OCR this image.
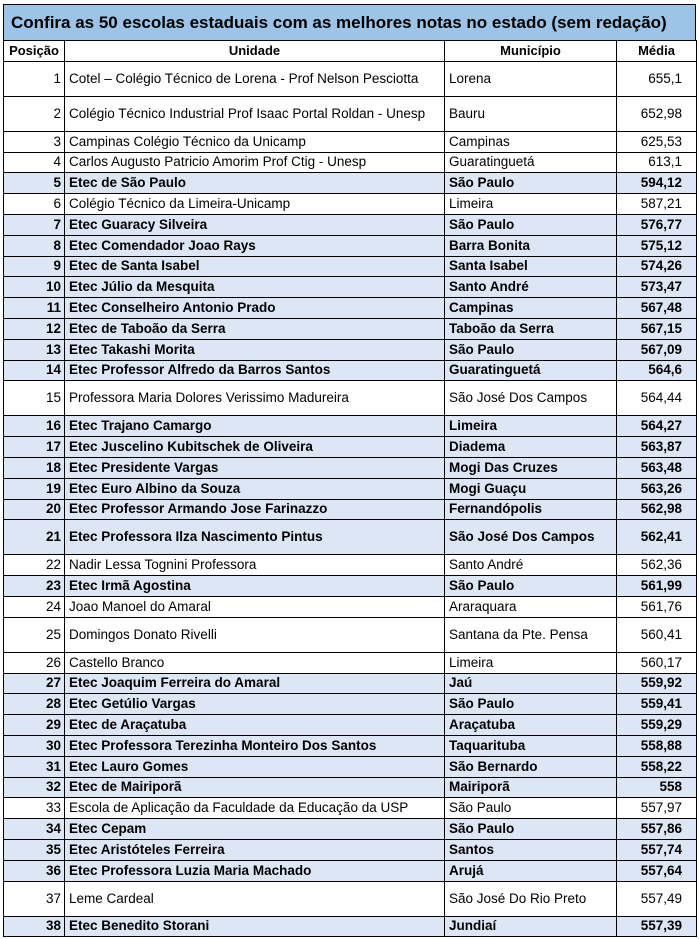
Confira as 50 escolas estaduais com as melhores notas no estado (sem redação)
Posição	Unidade	Município	Média
1	Cotel – Colégio Técnico de Lorena - Prof Nelson Pesciotta	Lorena	655,1
2	Colégio Técnico Industrial Prof Isaac Portal Roldan - Unesp	Bauru	652,98
3	Campinas Colégio Técnico da Unicamp	Campinas	625,53
4	Carlos Augusto Patricio Amorim Prof Ctig - Unesp	Guaratinguetá	613,1
5	Etec de São Paulo	São Paulo	594,12
6	Colégio Técnico da Limeira-Unicamp	Limeira	587,21
7	Etec Guaracy Silveira	São Paulo	576,77
8	Etec Comendador Joao Rays	Barra Bonita	575,12
9	Etec de Santa Isabel	Santa Isabel	574,26
10	Etec Júlio da Mesquita	Santo André	573,47
11	Etec Conselheiro Antonio Prado	Campinas	567,48
12	Etec de Taboão da Serra	Taboão da Serra	567,15
13	Etec Takashi Morita	São Paulo	567,09
14	Etec Professor Alfredo da Barros Santos	Guaratinguetá	564,6
15	Professora Maria Dolores Verissimo Madureira	São José Dos Campos	564,44
16	Etec Trajano Camargo	Limeira	564,27
17	Etec Juscelino Kubitschek de Oliveira	Diadema	563,87
18	Etec Presidente Vargas	Mogi Das Cruzes	563,48
19	Etec Euro Albino da Souza	Mogi Guaçu	563,26
20	Etec Professor Armando Jose Farinazzo	Fernandópolis	562,98
21	Etec Professora Ilza Nascimento Pintus	São José Dos Campos	562,41
22	Nadir Lessa Tognini Professora	Santo André	562,36
23	Etec Irmã Agostina	São Paulo	561,99
24	Joao Manoel do Amaral	Araraquara	561,76
25	Domingos Donato Rivelli	Santana da Pte. Pensa	560,41
26	Castello Branco	Limeira	560,17
27	Etec Joaquim Ferreira do Amaral	Jaú	559,92
28	Etec Getúlio Vargas	São Paulo	559,41
29	Etec de Araçatuba	Araçatuba	559,29
30	Etec Professora Terezinha Monteiro Dos Santos	Taquarituba	558,88
31	Etec Lauro Gomes	São Bernardo	558,22
32	Etec de Mairiporã	Mairiporã	558
33	Escola de Aplicação da Faculdade da Educação da USP	São Paulo	557,97
34	Etec Cepam	São Paulo	557,86
35	Etec Aristóteles Ferreira	Santos	557,74
36	Etec Professora Luzia Maria Machado	Arujá	557,64
37	Leme Cardeal	São José Do Rio Preto	557,49
38	Etec Benedito Storani	Jundiaí	557,39
